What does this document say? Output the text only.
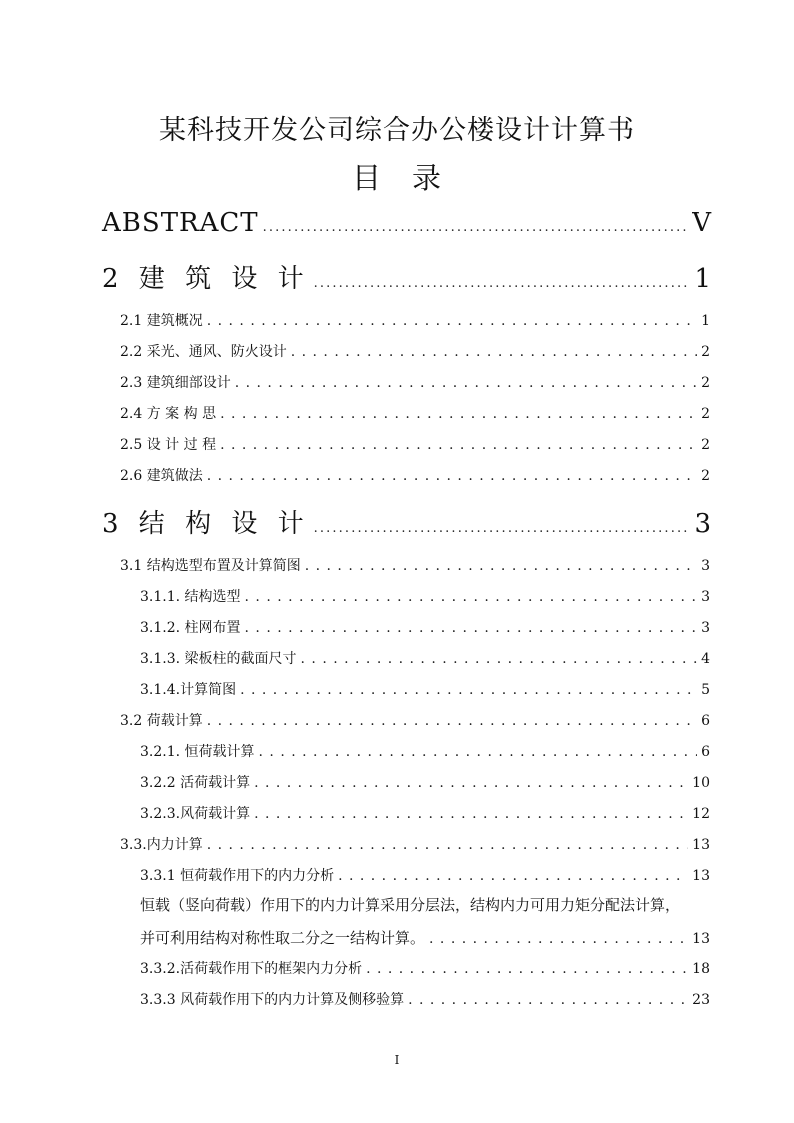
某科技开发公司综合办公楼设计计算书
目　录
ABSTRACT . . .	V
2 建 筑 设 计 . . .	1
2.1 建筑概况 . . .	1
2.2 采光、通风、防火设计 . . .	2
2.3 建筑细部设计 . . .	2
2.4 方 案 构 思 . . .	2
2.5 设 计 过 程 . . .	2
2.6 建筑做法 . . .	2
3 结 构 设 计 . . .	3
3.1 结构选型布置及计算简图 . . .	3
3.1.1. 结构选型 . . .	3
3.1.2. 柱网布置 . . .	3
3.1.3. 梁板柱的截面尺寸 . . .	4
3.1.4.计算简图 . . .	5
3.2 荷载计算 . . .	6
3.2.1. 恒荷载计算 . . .	6
3.2.2 活荷载计算 . . .	10
3.2.3.风荷载计算 . . .	12
3.3.内力计算 . . .	13
3.3.1 恒荷载作用下的内力分析 . . .	13
恒载（竖向荷载）作用下的内力计算采用分层法，结构内力可用力矩分配法计算，
并可利用结构对称性取二分之一结构计算。 . . .	13
3.3.2.活荷载作用下的框架内力分析 . . .	18
3.3.3 风荷载作用下的内力计算及侧移验算 . . .	23
I
